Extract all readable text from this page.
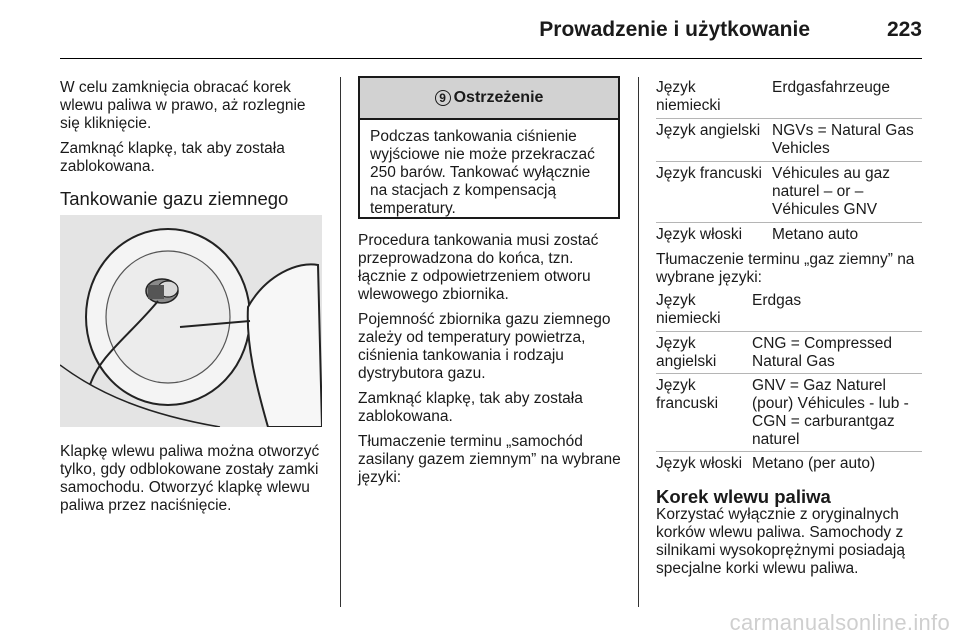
Prowadzenie i użytkowanie	223

W celu zamknięcia obracać korek wlewu paliwa w prawo, aż rozlegnie się kliknięcie.

Zamknąć klapkę, tak aby została zablokowana.

Tankowanie gazu ziemnego

Klapkę wlewu paliwa można otworzyć tylko, gdy odblokowane zostały zamki samochodu. Otworzyć klapkę wlewu paliwa przez naciśnięcie.

9 Ostrzeżenie
Podczas tankowania ciśnienie wyjściowe nie może przekraczać 250 barów. Tankować wyłącznie na stacjach z kompensacją temperatury.

Procedura tankowania musi zostać przeprowadzona do końca, tzn. łącznie z odpowietrzeniem otworu wlewowego zbiornika.

Pojemność zbiornika gazu ziemnego zależy od temperatury powietrza, ciśnienia tankowania i rodzaju dystrybutora gazu.

Zamknąć klapkę, tak aby została zablokowana.

Tłumaczenie terminu „samochód zasilany gazem ziemnym” na wybrane języki:

Język niemiecki
Erdgasfahrzeuge
Język angielski NGVs = Natural Gas Vehicles
Język francuski Véhicules au gaz naturel – or – Véhicules GNV
Język włoski	Metano auto

Tłumaczenie terminu „gaz ziemny” na wybrane języki:

Język niemiecki
Erdgas
Język angielski
CNG = Compressed Natural Gas
Język francuski
GNV = Gaz Naturel (pour) Véhicules - lub - CGN = carburantgaz naturel
Język włoski Metano (per auto)
Korek wlewu paliwa

Korzystać wyłącznie z oryginalnych korków wlewu paliwa. Samochody z silnikami wysokoprężnymi posiadają specjalne korki wlewu paliwa.

carmanualsonline.info
